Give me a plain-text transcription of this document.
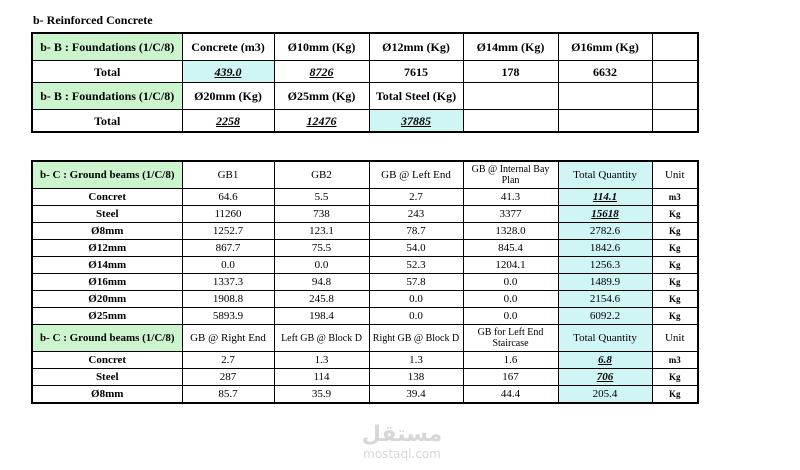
b- Reinforced Concrete
b- B : Foundations (1/C/8)	Concrete (m3)	Ø10mm (Kg)	Ø12mm (Kg)	Ø14mm (Kg)	Ø16mm (Kg)	
Total	439.0	8726	7615	178	6632	
b- B : Foundations (1/C/8)	Ø20mm (Kg)	Ø25mm (Kg)	Total Steel (Kg)			
Total	2258	12476	37885			
b- C : Ground beams (1/C/8)	GB1	GB2	GB @ Left End	GB @ Internal Bay Plan	Total Quantity	Unit
Concret	64.6	5.5	2.7	41.3	114.1	m3
Steel	11260	738	243	3377	15618	Kg
Ø8mm	1252.7	123.1	78.7	1328.0	2782.6	Kg
Ø12mm	867.7	75.5	54.0	845.4	1842.6	Kg
Ø14mm	0.0	0.0	52.3	1204.1	1256.3	Kg
Ø16mm	1337.3	94.8	57.8	0.0	1489.9	Kg
Ø20mm	1908.8	245.8	0.0	0.0	2154.6	Kg
Ø25mm	5893.9	198.4	0.0	0.0	6092.2	Kg
b- C : Ground beams (1/C/8)	GB @ Right End	Left GB @ Block D	Right GB @ Block D	GB for Left End Staircase	Total Quantity	Unit
Concret	2.7	1.3	1.3	1.6	6.8	m3
Steel	287	114	138	167	706	Kg
Ø8mm	85.7	35.9	39.4	44.4	205.4	Kg
مستقل
mostaql.com
